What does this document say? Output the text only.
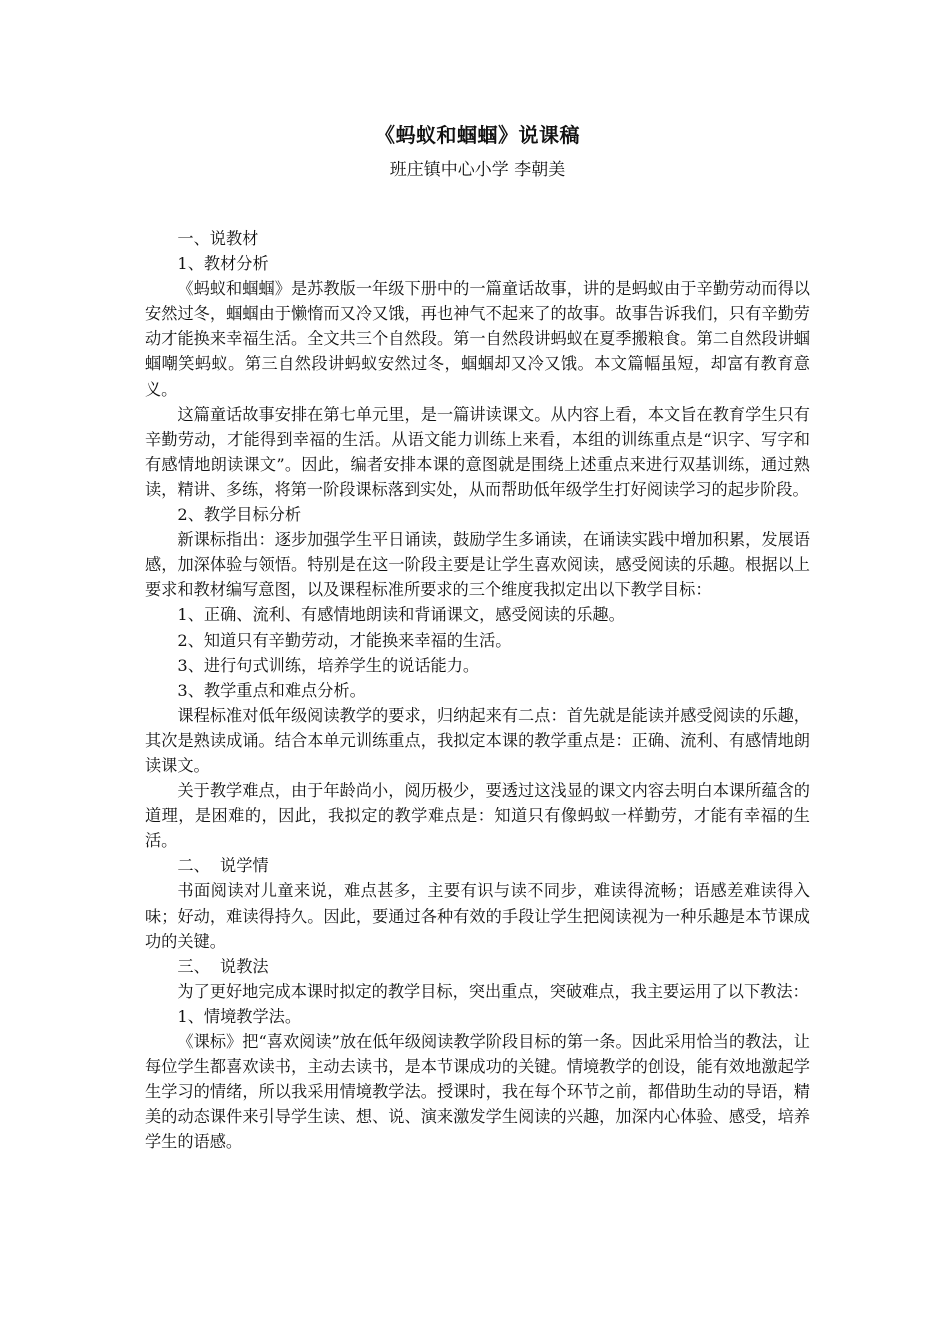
《蚂蚁和蝈蝈》说课稿
班庄镇中心小学 李朝美

一、说教材

1、教材分析

《蚂蚁和蝈蝈》是苏教版一年级下册中的一篇童话故事，讲的是蚂蚁由于辛勤劳动而得以安然过冬，蝈蝈由于懒惰而又冷又饿，再也神气不起来了的故事。故事告诉我们，只有辛勤劳动才能换来幸福生活。全文共三个自然段。第一自然段讲蚂蚁在夏季搬粮食。第二自然段讲蝈蝈嘲笑蚂蚁。第三自然段讲蚂蚁安然过冬，蝈蝈却又冷又饿。本文篇幅虽短，却富有教育意义。

这篇童话故事安排在第七单元里，是一篇讲读课文。从内容上看，本文旨在教育学生只有辛勤劳动，才能得到幸福的生活。从语文能力训练上来看，本组的训练重点是“识字、写字和有感情地朗读课文”。因此，编者安排本课的意图就是围绕上述重点来进行双基训练，通过熟读，精讲、多练，将第一阶段课标落到实处，从而帮助低年级学生打好阅读学习的起步阶段。

2、教学目标分析

新课标指出：逐步加强学生平日诵读，鼓励学生多诵读，在诵读实践中增加积累，发展语感，加深体验与领悟。特别是在这一阶段主要是让学生喜欢阅读，感受阅读的乐趣。根据以上要求和教材编写意图，以及课程标准所要求的三个维度我拟定出以下教学目标：

1、正确、流利、有感情地朗读和背诵课文，感受阅读的乐趣。

2、知道只有辛勤劳动，才能换来幸福的生活。

3、进行句式训练，培养学生的说话能力。

3、教学重点和难点分析。

课程标准对低年级阅读教学的要求，归纳起来有二点：首先就是能读并感受阅读的乐趣，其次是熟读成诵。结合本单元训练重点，我拟定本课的教学重点是：正确、流利、有感情地朗读课文。

关于教学难点，由于年龄尚小，阅历极少，要透过这浅显的课文内容去明白本课所蕴含的道理，是困难的，因此，我拟定的教学难点是：知道只有像蚂蚁一样勤劳，才能有幸福的生活。

二、  说学情

书面阅读对儿童来说，难点甚多，主要有识与读不同步，难读得流畅；语感差难读得入味；好动，难读得持久。因此，要通过各种有效的手段让学生把阅读视为一种乐趣是本节课成功的关键。

三、  说教法

为了更好地完成本课时拟定的教学目标，突出重点，突破难点，我主要运用了以下教法：

1、情境教学法。

《课标》把“喜欢阅读”放在低年级阅读教学阶段目标的第一条。因此采用恰当的教法，让每位学生都喜欢读书，主动去读书，是本节课成功的关键。情境教学的创设，能有效地激起学生学习的情绪，所以我采用情境教学法。授课时，我在每个环节之前，都借助生动的导语，精美的动态课件来引导学生读、想、说、演来激发学生阅读的兴趣，加深内心体验、感受，培养学生的语感。
